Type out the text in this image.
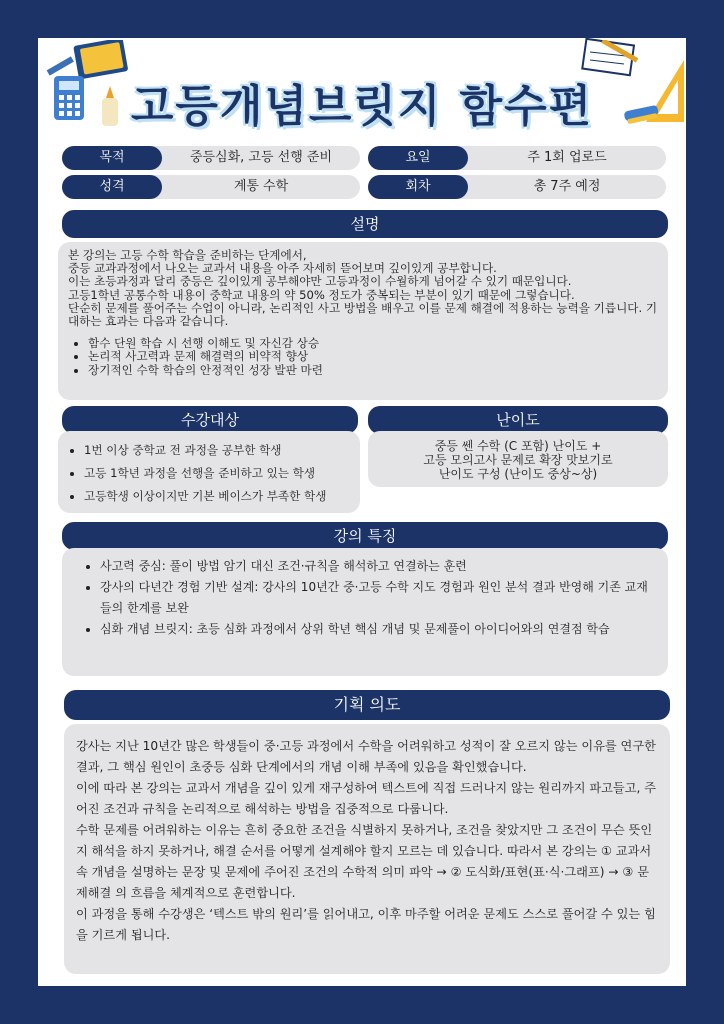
고등개념브릿지 함수편
목적	중등심화, 고등 선행 준비	요일	주 1회 업로드
성격	계통 수학	회차	총 7주 예정
설명

본 강의는 고등 수학 학습을 준비하는 단계에서,

중등 교과과정에서 나오는 교과서 내용을 아주 자세히 뜯어보며 깊이있게 공부합니다.

이는 초등과정과 달리 중등은 깊이있게 공부해야만 고등과정이 수월하게 넘어갈 수 있기 때문입니다.

고등1학년 공통수학 내용이 중학교 내용의 약 50% 정도가 중복되는 부분이 있기 때문에 그렇습니다.

단순히 문제를 풀어주는 수업이 아니라, 논리적인 사고 방법을 배우고 이를 문제 해결에 적용하는 능력을 기릅니다. 기대하는 효과는 다음과 같습니다.

• 함수 단원 학습 시 선행 이해도 및 자신감 상승
• 논리적 사고력과 문제 해결력의 비약적 향상
• 장기적인 수학 학습의 안정적인 성장 발판 마련
수강대상
• 1번 이상 중학교 전 과정을 공부한 학생
• 고등 1학년 과정을 선행을 준비하고 있는 학생
• 고등학생 이상이지만 기본 베이스가 부족한 학생
난이도

중등 쎈 수학 (C 포함) 난이도 +

고등 모의고사 문제로 확장 맛보기로

난이도 구성 (난이도 중상~상)

강의 특징
• 사고력 중심: 풀이 방법 암기 대신 조건·규칙을 해석하고 연결하는 훈련
• 강사의 다년간 경험 기반 설계: 강사의 10년간 중·고등 수학 지도 경험과 원인 분석 결과 반영해 기존 교재들의 한계를 보완
• 심화 개념 브릿지: 초등 심화 과정에서 상위 학년 핵심 개념 및 문제풀이 아이디어와의 연결점 학습
기획 의도

강사는 지난 10년간 많은 학생들이 중·고등 과정에서 수학을 어려워하고 성적이 잘 오르지 않는 이유를 연구한 결과, 그 핵심 원인이 초중등 심화 단계에서의 개념 이해 부족에 있음을 확인했습니다.

이에 따라 본 강의는 교과서 개념을 깊이 있게 재구성하여 텍스트에 직접 드러나지 않는 원리까지 파고들고, 주어진 조건과 규칙을 논리적으로 해석하는 방법을 집중적으로 다룹니다.

수학 문제를 어려워하는 이유는 흔히 중요한 조건을 식별하지 못하거나, 조건을 찾았지만 그 조건이 무슨 뜻인지 해석을 하지 못하거나, 해결 순서를 어떻게 설계해야 할지 모르는 데 있습니다. 따라서 본 강의는 ① 교과서 속 개념을 설명하는 문장 및 문제에 주어진 조건의 수학적 의미 파악 → ② 도식화/표현(표·식·그래프) → ③ 문제해결 의 흐름을 체계적으로 훈련합니다.

이 과정을 통해 수강생은 ‘텍스트 밖의 원리’를 읽어내고, 이후 마주할 어려운 문제도 스스로 풀어갈 수 있는 힘을 기르게 됩니다.
